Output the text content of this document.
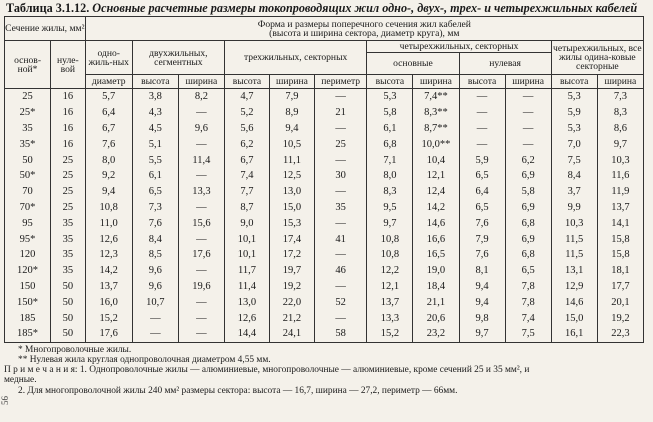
Таблица 3.1.12. Основные расчетные размеры токопроводящих жил одно-, двух-, трех- и четырехжильных кабелей
Сечение жилы, мм²		Форма и размеры поперечного сечения жил кабелей
(высота и ширина сектора, диаметр круга), мм											
основ-ной*	нуле-вой	одно-жиль-ных	двухжильных, сегментных		трехжильных, секторных			четырехжильных, секторных				четырехжильных, все жилы одина-ковые секторные	
								основные		нулевая			
		диаметр	высота	ширина	высота	ширина	периметр	высота	ширина	высота	ширина	высота	ширина
25	16	5,7	3,8	8,2	4,7	7,9	—	5,3	7,4**	—	—	5,3	7,3
25*	16	6,4	4,3	—	5,2	8,9	21	5,8	8,3**	—	—	5,9	8,3
35	16	6,7	4,5	9,6	5,6	9,4	—	6,1	8,7**	—	—	5,3	8,6
35*	16	7,6	5,1	—	6,2	10,5	25	6,8	10,0**	—	—	7,0	9,7
50	25	8,0	5,5	11,4	6,7	11,1	—	7,1	10,4	5,9	6,2	7,5	10,3
50*	25	9,2	6,1	—	7,4	12,5	30	8,0	12,1	6,5	6,9	8,4	11,6
70	25	9,4	6,5	13,3	7,7	13,0	—	8,3	12,4	6,4	5,8	3,7	11,9
70*	25	10,8	7,3	—	8,7	15,0	35	9,5	14,2	6,5	6,9	9,9	13,7
95	35	11,0	7,6	15,6	9,0	15,3	—	9,7	14,6	7,6	6,8	10,3	14,1
95*	35	12,6	8,4	—	10,1	17,4	41	10,8	16,6	7,9	6,9	11,5	15,8
120	35	12,3	8,5	17,6	10,1	17,2	—	10,8	16,5	7,6	6,8	11,5	15,8
120*	35	14,2	9,6	—	11,7	19,7	46	12,2	19,0	8,1	6,5	13,1	18,1
150	50	13,7	9,6	19,6	11,4	19,2	—	12,1	18,4	9,4	7,8	12,9	17,7
150*	50	16,0	10,7	—	13,0	22,0	52	13,7	21,1	9,4	7,8	14,6	20,1
185	50	15,2	—	—	12,6	21,2	—	13,3	20,6	9,8	7,4	15,0	19,2
185*	50	17,6	—	—	14,4	24,1	58	15,2	23,2	9,7	7,5	16,1	22,3
* Многопроволочные жилы.
** Нулевая жила круглая однопроволочная диаметром 4,55 мм.
П р и м е ч а н и я: 1. Однопроволочные жилы — алюминиевые, многопроволочные — алюминиевые, кроме сечений 25 и 35 мм², и
медные.
2. Для многопроволочной жилы 240 мм² размеры сектора: высота — 16,7, ширина — 27,2, периметр — 66мм.
56
